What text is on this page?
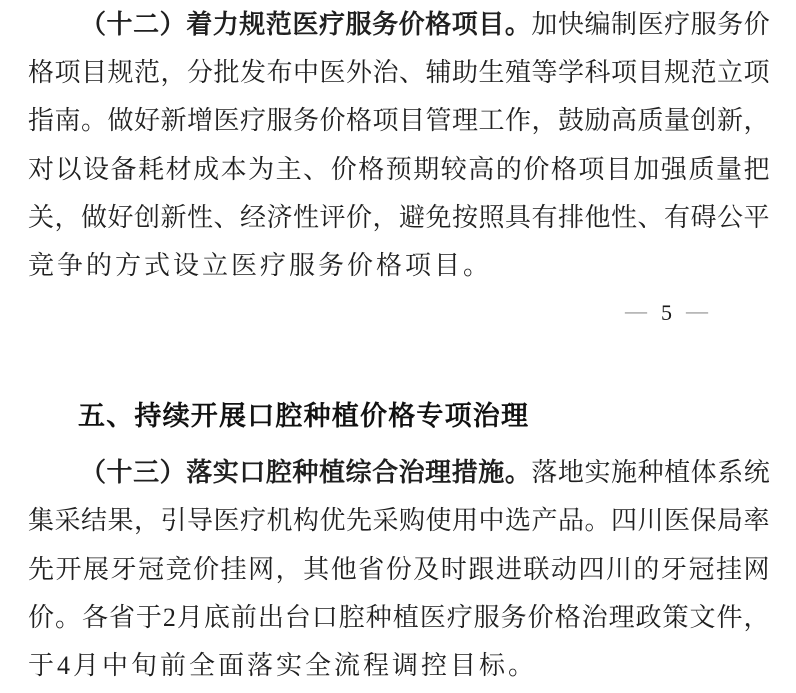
（十二）着力规范医疗服务价格项目。加快编制医疗服务价
格项目规范，分批发布中医外治、辅助生殖等学科项目规范立项
指南。做好新增医疗服务价格项目管理工作，鼓励高质量创新，
对以设备耗材成本为主、价格预期较高的价格项目加强质量把
关，做好创新性、经济性评价，避免按照具有排他性、有碍公平
竞争的方式设立医疗服务价格项目。
— 5 —
五、持续开展口腔种植价格专项治理
（十三）落实口腔种植综合治理措施。落地实施种植体系统
集采结果，引导医疗机构优先采购使用中选产品。四川医保局率
先开展牙冠竞价挂网，其他省份及时跟进联动四川的牙冠挂网
价。各省于2月底前出台口腔种植医疗服务价格治理政策文件，
于4月中旬前全面落实全流程调控目标。
